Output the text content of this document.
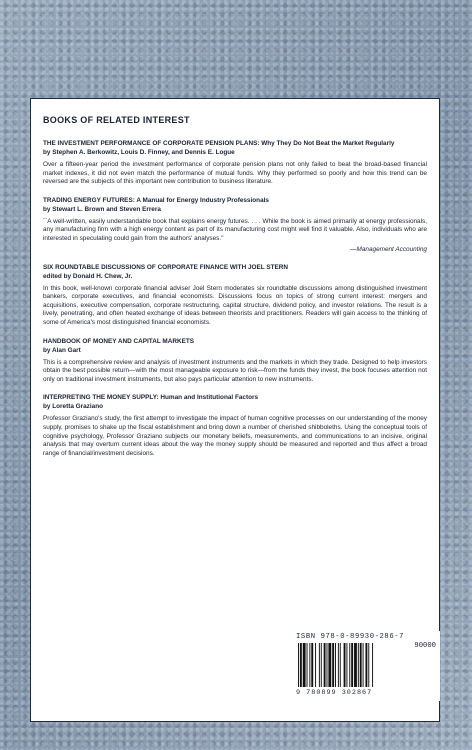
BOOKS OF RELATED INTEREST
THE INVESTMENT PERFORMANCE OF CORPORATE PENSION PLANS: Why They Do Not Beat the Market Regularly
by Stephen A. Berkowitz, Louis D. Finney, and Dennis E. Logue
Over a fifteen-year period the investment performance of corporate pension plans not only failed to beat the broad-based financial market indexes, it did not even match the performance of mutual funds. Why they performed so poorly and how this trend can be reversed are the subjects of this important new contribution to business literature.
TRADING ENERGY FUTURES: A Manual for Energy Industry Professionals
by Stewart L. Brown and Steven Errera
``A well-written, easily understandable book that explains energy futures. . . . While the book is aimed primarily at energy professionals, any manufacturing firm with a high energy content as part of its manufacturing cost might well find it valuable. Also, individuals who are interested in speculating could gain from the authors' analyses.''
—Management Accounting
SIX ROUNDTABLE DISCUSSIONS OF CORPORATE FINANCE WITH JOEL STERN
edited by Donald H. Chew, Jr.
In this book, well-known corporate financial adviser Joel Stern moderates six roundtable discussions among distinguished investment bankers, corporate executives, and financial economists. Discussions focus on topics of strong current interest: mergers and acquisitions, executive compensation, corporate restructuring, capital structure, dividend policy, and investor relations. The result is a lively, penetrating, and often heated exchange of ideas between theorists and practitioners. Readers will gain access to the thinking of some of America's most distinguished financial economists.
HANDBOOK OF MONEY AND CAPITAL MARKETS
by Alan Gart
This is a comprehensive review and analysis of investment instruments and the markets in which they trade. Designed to help investors obtain the best possible return—with the most manageable exposure to risk—from the funds they invest, the book focuses attention not only on traditional investment instruments, but also pays particular attention to new instruments.
INTERPRETING THE MONEY SUPPLY: Human and Institutional Factors
by Loretta Graziano
Professor Graziano's study, the first attempt to investigate the impact of human cognitive processes on our understanding of the money supply, promises to shake up the fiscal establishment and bring down a number of cherished shibboleths. Using the conceptual tools of cognitive psychology, Professor Graziano subjects our monetary beliefs, measurements, and communications to an incisive, original analysis that may overturn current ideas about the way the money supply should be measured and reported and thus affect a broad range of financial/investment decisions.
ISBN 978-0-89930-286-7
90000
9 780899 302867
